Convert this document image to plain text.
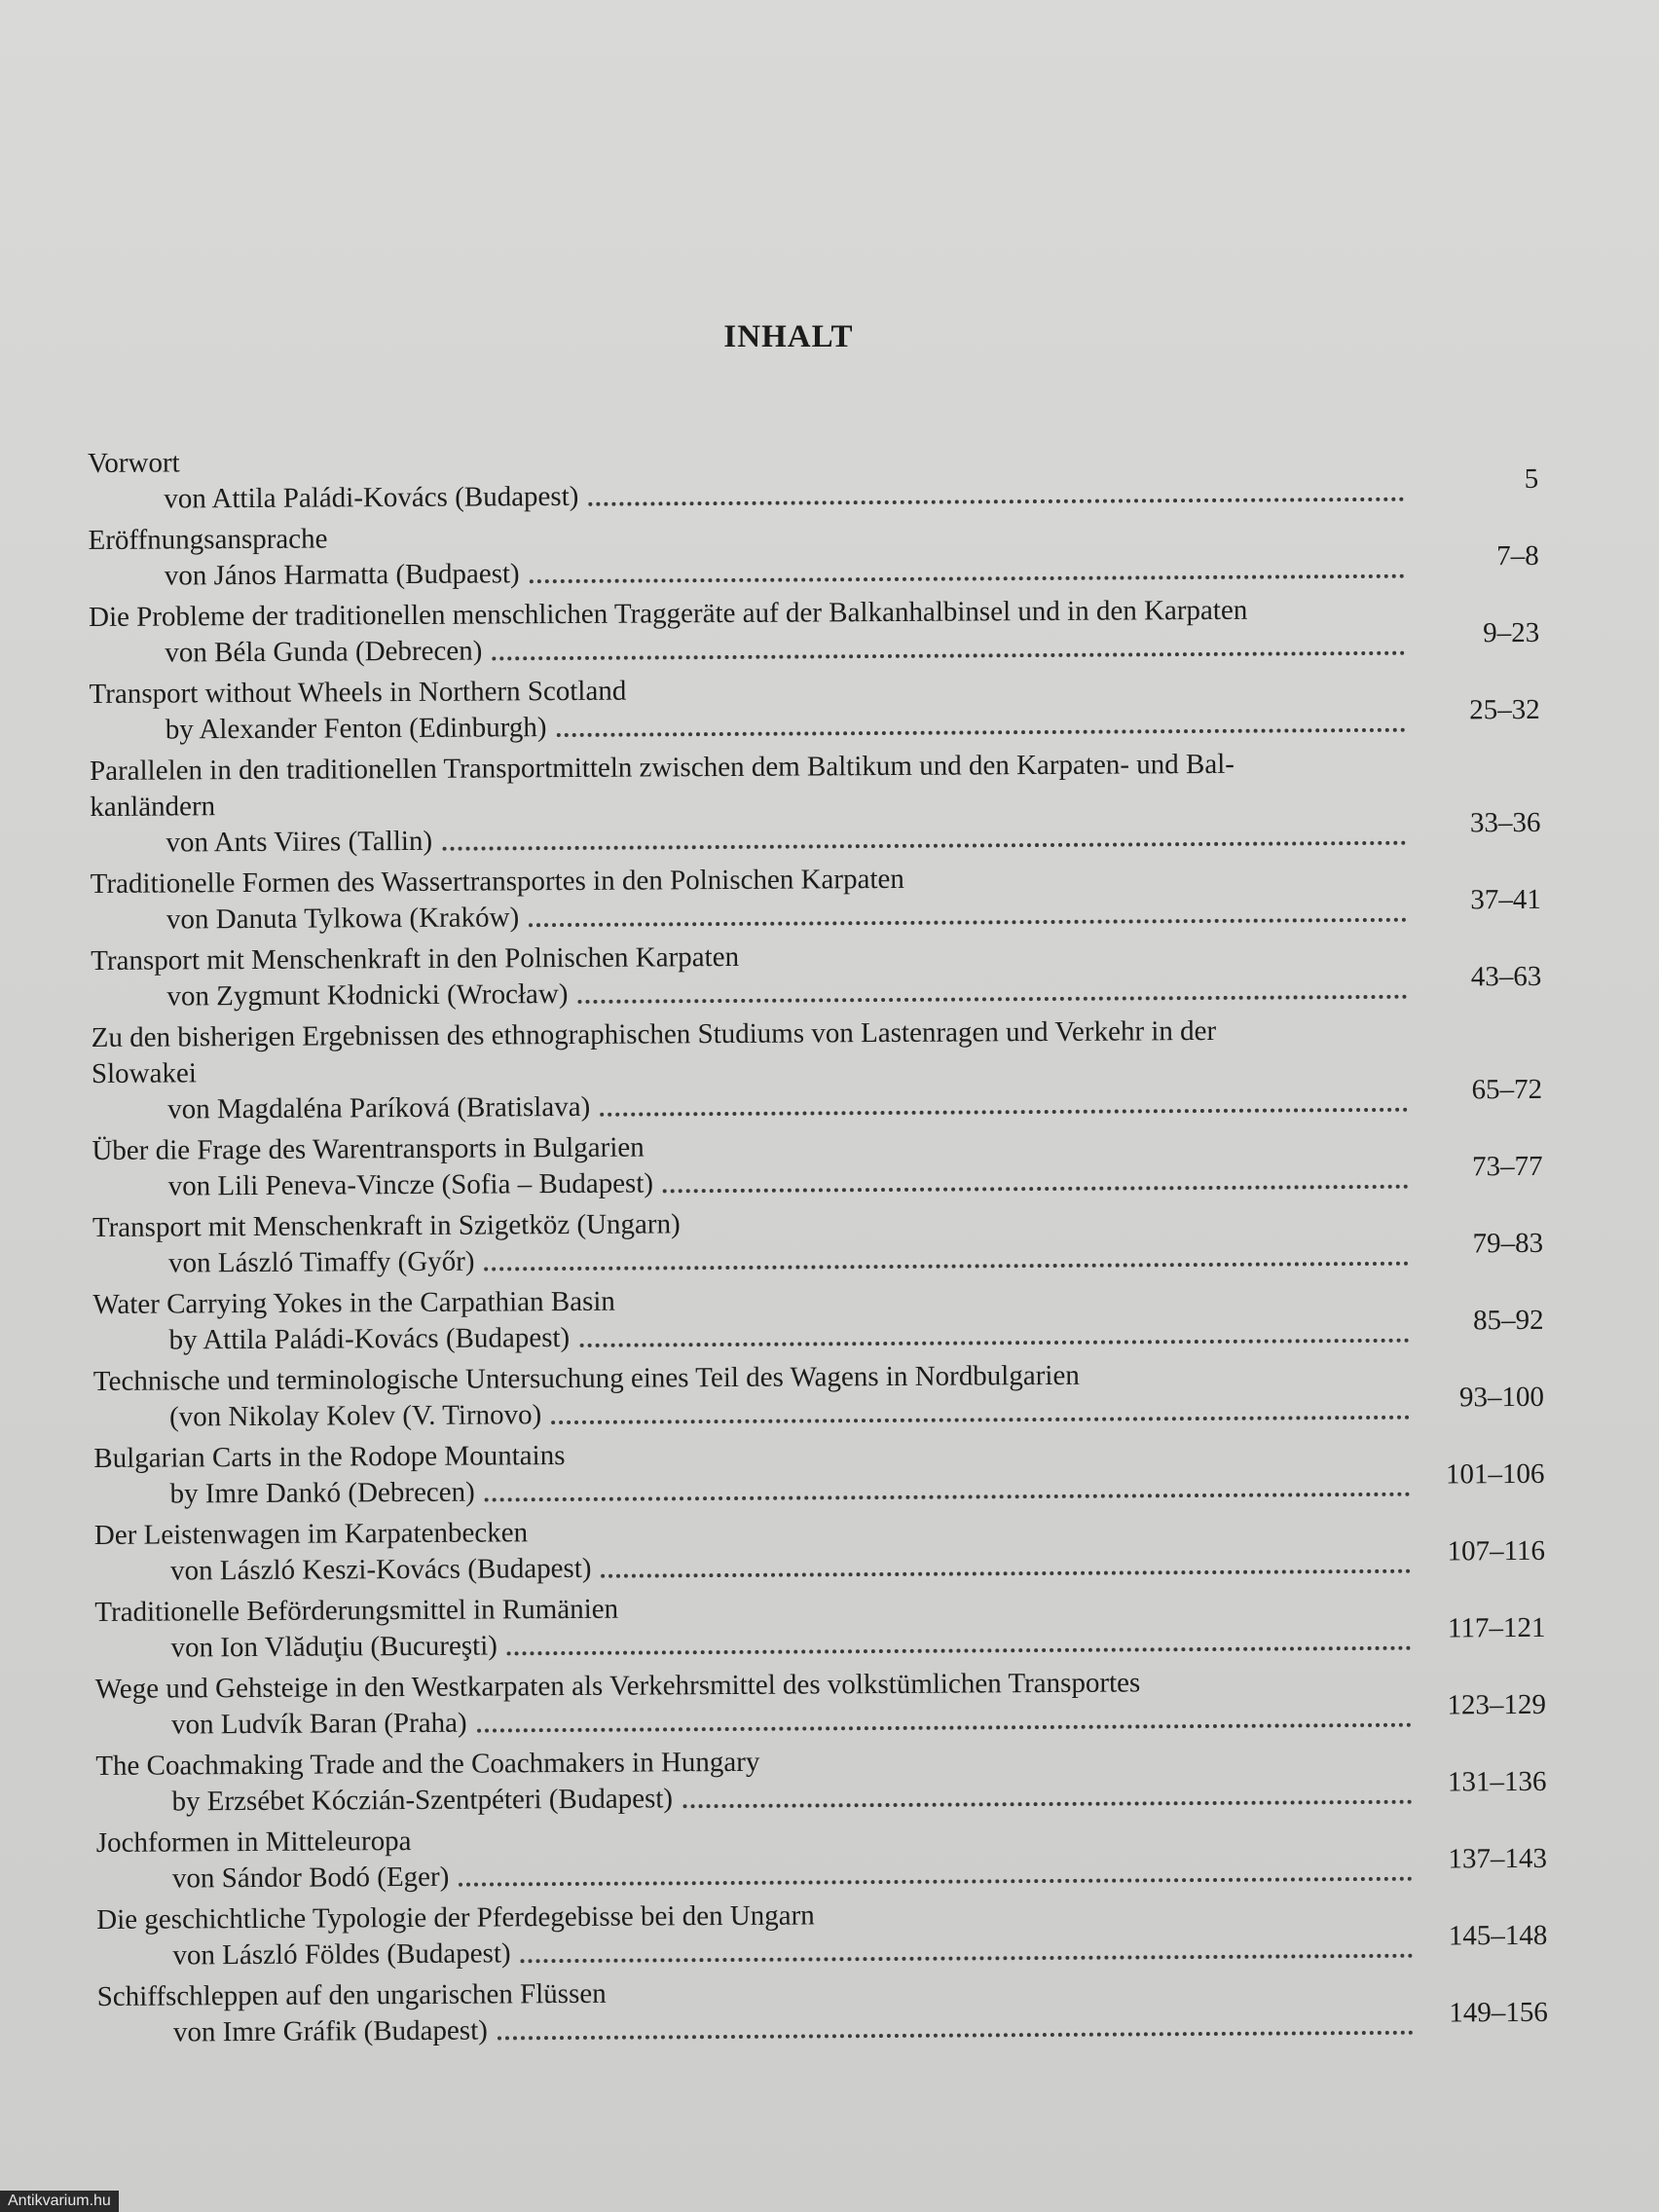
INHALT
Vorwort
von Attila Paládi-Kovács (Budapest)
5
Eröffnungsansprache
von János Harmatta (Budpaest)
7–8
Die Probleme der traditionellen menschlichen Traggeräte auf der Balkanhalbinsel und in den Karpaten
von Béla Gunda (Debrecen)
9–23
Transport without Wheels in Northern Scotland
by Alexander Fenton (Edinburgh)
25–32
Parallelen in den traditionellen Transportmitteln zwischen dem Baltikum und den Karpaten- und Bal-
kanländern
von Ants Viires (Tallin)
33–36
Traditionelle Formen des Wassertransportes in den Polnischen Karpaten
von Danuta Tylkowa (Kraków)
37–41
Transport mit Menschenkraft in den Polnischen Karpaten
von Zygmunt Kłodnicki (Wrocław)
43–63
Zu den bisherigen Ergebnissen des ethnographischen Studiums von Lastenragen und Verkehr in der
Slowakei
von Magdaléna Paríková (Bratislava)
65–72
Über die Frage des Warentransports in Bulgarien
von Lili Peneva-Vincze (Sofia – Budapest)
73–77
Transport mit Menschenkraft in Szigetköz (Ungarn)
von László Timaffy (Győr)
79–83
Water Carrying Yokes in the Carpathian Basin
by Attila Paládi-Kovács (Budapest)
85–92
Technische und terminologische Untersuchung eines Teil des Wagens in Nordbulgarien
(von Nikolay Kolev (V. Tirnovo)
93–100
Bulgarian Carts in the Rodope Mountains
by Imre Dankó (Debrecen)
101–106
Der Leistenwagen im Karpatenbecken
von László Keszi-Kovács (Budapest)
107–116
Traditionelle Beförderungsmittel in Rumänien
von Ion Vlăduţiu (Bucureşti)
117–121
Wege und Gehsteige in den Westkarpaten als Verkehrsmittel des volkstümlichen Transportes
von Ludvík Baran (Praha)
123–129
The Coachmaking Trade and the Coachmakers in Hungary
by Erzsébet Kóczián-Szentpéteri (Budapest)
131–136
Jochformen in Mitteleuropa
von Sándor Bodó (Eger)
137–143
Die geschichtliche Typologie der Pferdegebisse bei den Ungarn
von László Földes (Budapest)
145–148
Schiffschleppen auf den ungarischen Flüssen
von Imre Gráfik (Budapest)
149–156
Antikvarium.hu
